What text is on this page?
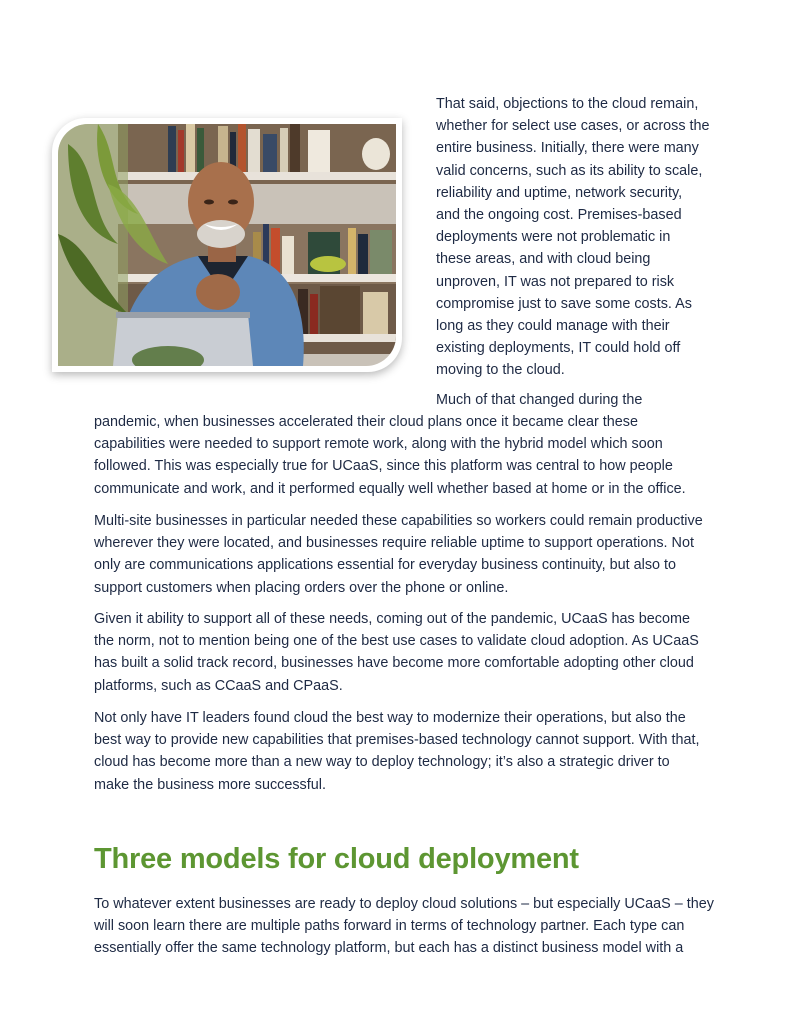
That said, objections to the cloud remain,
whether for select use cases, or across the
entire business. Initially, there were many
valid concerns, such as its ability to scale,
reliability and uptime, network security,
and the ongoing cost. Premises-based
deployments were not problematic in
these areas, and with cloud being
unproven, IT was not prepared to risk
compromise just to save some costs. As
long as they could manage with their
existing deployments, IT could hold off
moving to the cloud.

Much of that changed during the

pandemic, when businesses accelerated their cloud plans once it became clear these
capabilities were needed to support remote work, along with the hybrid model which soon
followed. This was especially true for UCaaS, since this platform was central to how people
communicate and work, and it performed equally well whether based at home or in the office.

Multi-site businesses in particular needed these capabilities so workers could remain productive
wherever they were located, and businesses require reliable uptime to support operations. Not
only are communications applications essential for everyday business continuity, but also to
support customers when placing orders over the phone or online.

Given it ability to support all of these needs, coming out of the pandemic, UCaaS has become
the norm, not to mention being one of the best use cases to validate cloud adoption. As UCaaS
has built a solid track record, businesses have become more comfortable adopting other cloud
platforms, such as CCaaS and CPaaS.

Not only have IT leaders found cloud the best way to modernize their operations, but also the
best way to provide new capabilities that premises-based technology cannot support. With that,
cloud has become more than a new way to deploy technology; it’s also a strategic driver to
make the business more successful.

Three models for cloud deployment

To whatever extent businesses are ready to deploy cloud solutions – but especially UCaaS – they
will soon learn there are multiple paths forward in terms of technology partner. Each type can
essentially offer the same technology platform, but each has a distinct business model with a
